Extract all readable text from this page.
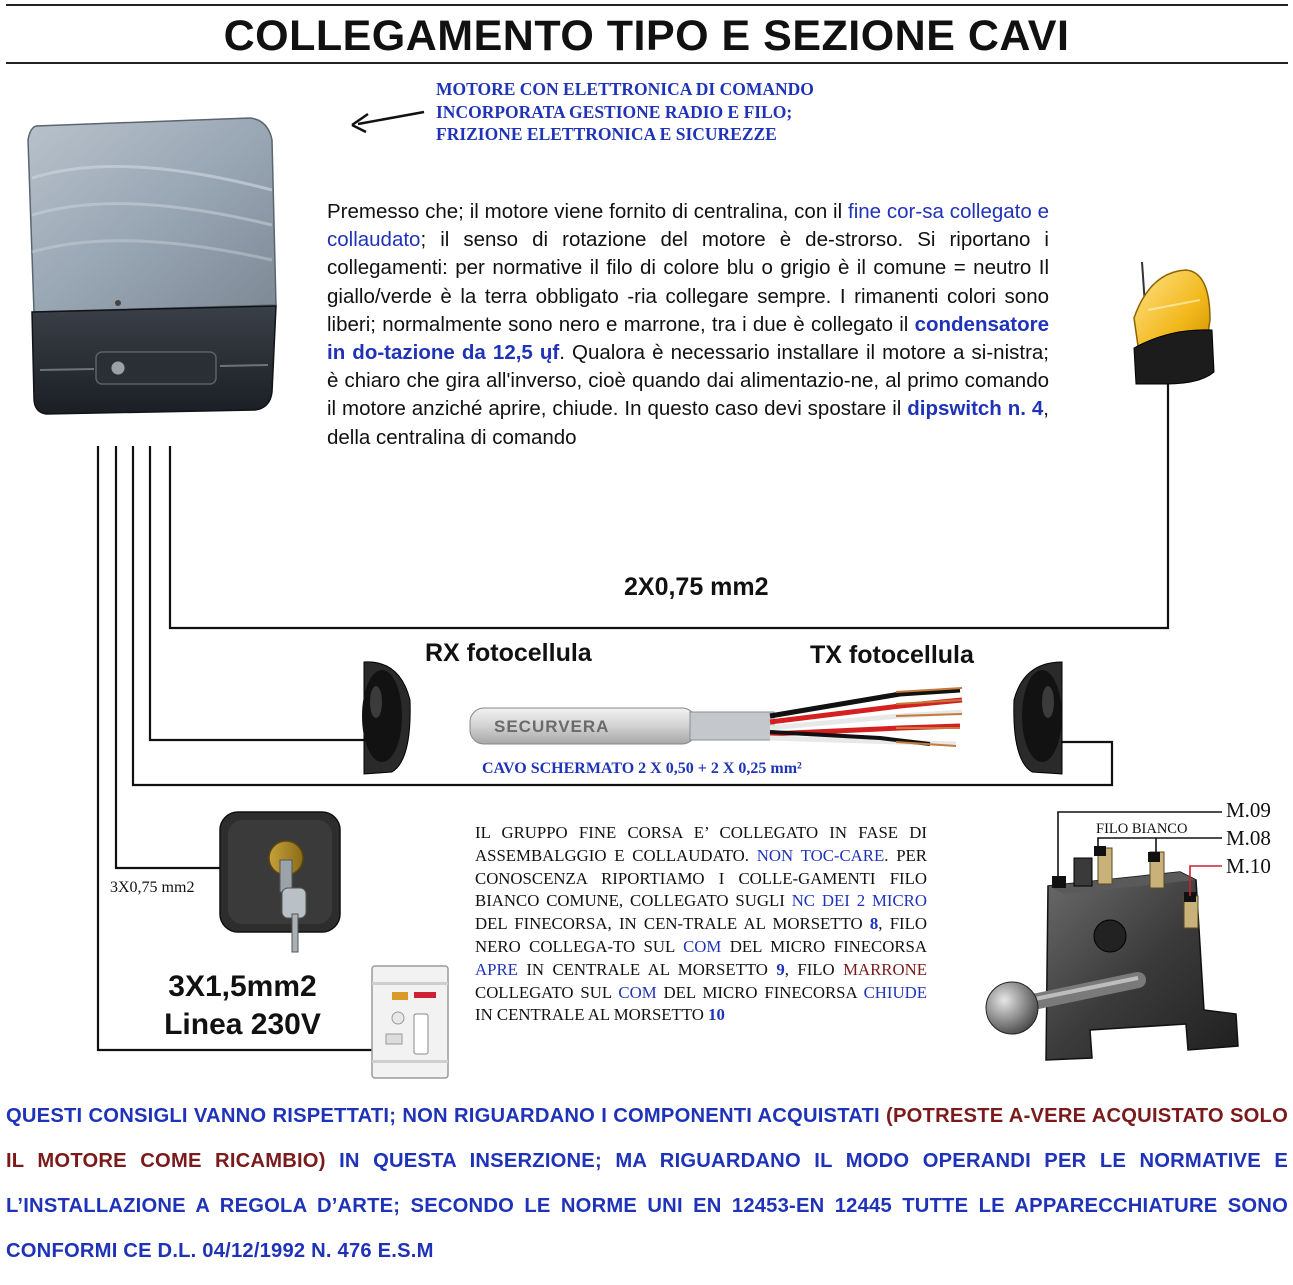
COLLEGAMENTO TIPO E SEZIONE CAVI
MOTORE CON ELETTRONICA DI COMANDO
INCORPORATA GESTIONE RADIO E FILO;
FRIZIONE ELETTRONICA E SICUREZZE
SECURVERA
Premesso che; il motore viene fornito di centralina, con il fine cor-sa collegato e collaudato; il senso di rotazione del motore è de-strorso. Si riportano i collegamenti: per normative il filo di colore blu o grigio è il comune = neutro Il giallo/verde è la terra obbligato -ria collegare sempre. I rimanenti colori sono liberi; normalmente sono nero e marrone, tra i due è collegato il condensatore in do-tazione da 12,5 ųf. Qualora è necessario installare il motore a si-nistra; è chiaro che gira all'inverso, cioè quando dai alimentazio-ne, al primo comando il motore anziché aprire, chiude. In questo caso devi spostare il dipswitch n. 4, della centralina di comando
2X0,75 mm2
RX fotocellula	TX fotocellula
CAVO SCHERMATO 2 X 0,50 + 2 X 0,25 mm²
3X0,75 mm2
3X1,5mm2
Linea 230V
IL GRUPPO FINE CORSA E’ COLLEGATO IN FASE DI ASSEMBALGGIO E COLLAUDATO. NON TOC-CARE. PER CONOSCENZA RIPORTIAMO I COLLE-GAMENTI FILO BIANCO COMUNE, COLLEGATO SUGLI NC DEI 2 MICRO DEL FINECORSA, IN CEN-TRALE AL MORSETTO 8, FILO NERO COLLEGA-TO SUL COM DEL MICRO FINECORSA APRE IN CENTRALE AL MORSETTO 9, FILO MARRONE COLLEGATO SUL COM DEL MICRO FINECORSA CHIUDE IN CENTRALE AL MORSETTO 10
M.09
M.08
M.10
FILO BIANCO
QUESTI CONSIGLI VANNO RISPETTATI; NON RIGUARDANO I COMPONENTI ACQUISTATI (POTRESTE A-VERE ACQUISTATO SOLO IL MOTORE COME RICAMBIO) IN QUESTA INSERZIONE; MA RIGUARDANO IL MODO OPERANDI PER LE NORMATIVE E L’INSTALLAZIONE A REGOLA D’ARTE; SECONDO LE NORME UNI EN 12453-EN 12445 TUTTE LE APPARECCHIATURE SONO CONFORMI CE D.L. 04/12/1992 N. 476 E.S.M
